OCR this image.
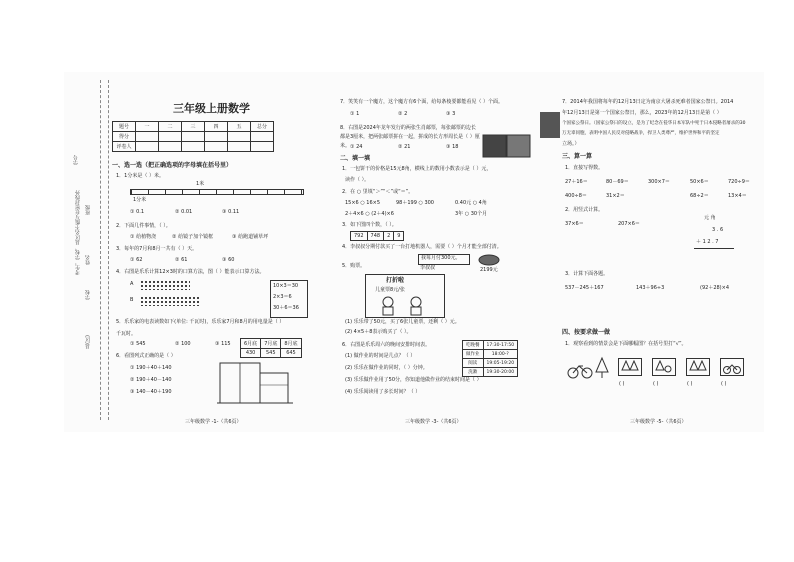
学号
班级
姓名
学校
县(区)
考生，学校、县区名不能写在密封线外
三年级上册数学
题号	一	二	三	四	五	总分
得分						
评卷人						
一、选一选（把正确选项的字母填在括号里）
1．1分米是（ ）米。
1米
1分米
① 0.1	② 0.01	③ 0.11
2．下面几件事情，（ ）。
① 给植物浇	② 给镜子加个镜框	③ 给跑道铺草坪
3．每年的7月和8月一共有（ ）天。
① 62	② 61	③ 60
4．右图是乐乐计算12×3时的口算方法，图（ ）能表示口算方法。
A
B
10×3＝30
2×3＝6
30＋6＝36
5．乐乐家的电表读数如下(单位: 千瓦时)，乐乐家7月和8月的用电量是（ ）
千瓦时。
6月底	7月底	8月底
430	545	645
① 545	② 100	③ 115
6．看图列式正确的是（ ）
① 190＋40＋140
② 190＋40－140
③ 140－40＋190
三年级数学 -1-（共6页）
7．笑笑有一个魔方，这个魔方有6个面，给每条棱要都能看见（ ）个面。
① 1	② 2	③ 3
8．右图是2024年龙年发行的两张生肖邮票，每张邮票的边长都是3厘米，把两张邮票拼在一起，拼成的长方形周长是（ ）厘米。 ① 24	② 21	③ 18
二、填一填
1．一包饼干的价格是15元8角，横线上的数用小数表示是（ ）元，
读作（ ）。
2．在 ○ 里填“＞”“＜”或“＝”。
15×6 ○ 16×5	98＋199 ○ 300	0.40元 ○ 4角
2＋4×6 ○ (2＋4)×6	3年 ○ 30个月
3．如下图四个数，（ ）。
792	748	2	9
4．李叔叔分期付款买了一台打地机器人，需要（ ）个月才能全部付清。
我每月付300元。
李叔叔	2199元
5．购票。
打折啦
儿童票8元/张
(1) 乐乐带了50元，买了6张儿童票，还剩（ ）元。
(2) 4×5＋8表示购买了（ ）。
6．右图是乐乐周六的晚间安排时间表。	吃晚餐	17:30-17:50
做作业	18:00-?
阅读	19:05-19:20
洗漱	19:30-20:00
(1) 做作业的时间是几点？（ ）
(2) 乐乐在做作业的同时，（ ）分钟。
(3) 乐乐做作业用了50分，你知道他做作业的结束时间是（ ）
(4) 乐乐阅读用了多长时间？（ ）
三年级数学 -3-（共6页）
7．2014年我国将每年的12月13日定为南京大屠杀死难者国家公祭日。2014
年12月13日是第一个国家公祭日，那么，2023年的12月13日是第（ ）
个国家公祭日。（国家公祭日的设立，是为了纪念在侵华日本军队中死于日本侵略者屠杀的30
万无辜同胞，表明中国人民反对侵略战争，捍卫人类尊严，维护世界和平的坚定
立场。）
三、算一算
1．直接写得数。
27＋16＝	80－69＝	300×7＝	50×6＝	720÷9＝
400÷8＝	31×2＝	68÷2＝	13×4＝
2．用竖式计算。
37×6＝	207×6＝
元 角
3 . 6
＋ 1 2 . 7
3．计算下面各题。
537－245＋167	143＋96÷3	(92＋28)×4
四、按要求做一做
1．观察看到的情景会是下面哪幅图？在括号里打“√”。
( )	( )	( )	( )
三年级数学 -5-（共6页）
